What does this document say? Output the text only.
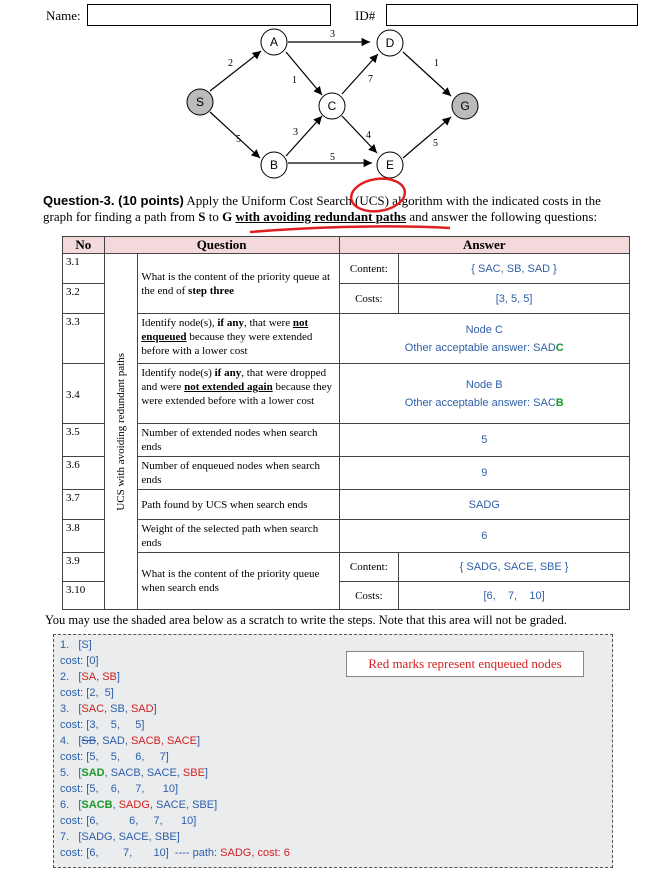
Name:	ID#
2
5
3
1
3
5
7
4
1
5
S
A
B
C
D
E
G
Question-3. (10 points) Apply the Uniform Cost Search (UCS) algorithm with the indicated costs in the graph for finding a path from S to G with avoiding redundant paths and answer the following questions:
No	Question		Answer	
3.1	UCS with avoiding redundant paths	What is the content of the priority queue at the end of step three	Content:	{ SAC, SB, SAD }
3.2			Costs:	[3, 5, 5]
3.3		Identify node(s), if any, that were not enqueued because they were extended before with a lower cost	Node C
Other acceptable answer: SADC	

3.4		Identify node(s) if any, that were dropped and were not extended again because they were extended before with a lower cost	Node B
Other acceptable answer: SACB	

3.5		Number of extended nodes when search ends	5	
3.6		Number of enqueued nodes when search ends	9	
3.7		Path found by UCS when search ends	SADG	
3.8		Weight of the selected path when search ends	6	
3.9		What is the content of the priority queue when search ends	Content:	{ SADG, SACE, SBE }
3.10			Costs:	[6,    7,    10]
You may use the shaded area below as a scratch to write the steps. Note that this area will not be graded.
Red marks represent enqueued nodes
1.   [S]
cost: [0]
2.   [SA, SB]
cost: [2,  5]
3.   [SAC, SB, SAD]
cost: [3,    5,     5]
4.   [SB, SAD, SACB, SACE]
cost: [5,    5,     6,     7]
5.   [SAD, SACB, SACE, SBE]
cost: [5,    6,     7,      10]
6.   [SACB, SADG, SACE, SBE]
cost: [6,          6,     7,      10]
7.   [SADG, SACE, SBE]
cost: [6,        7,       10]  ---- path: SADG, cost: 6
